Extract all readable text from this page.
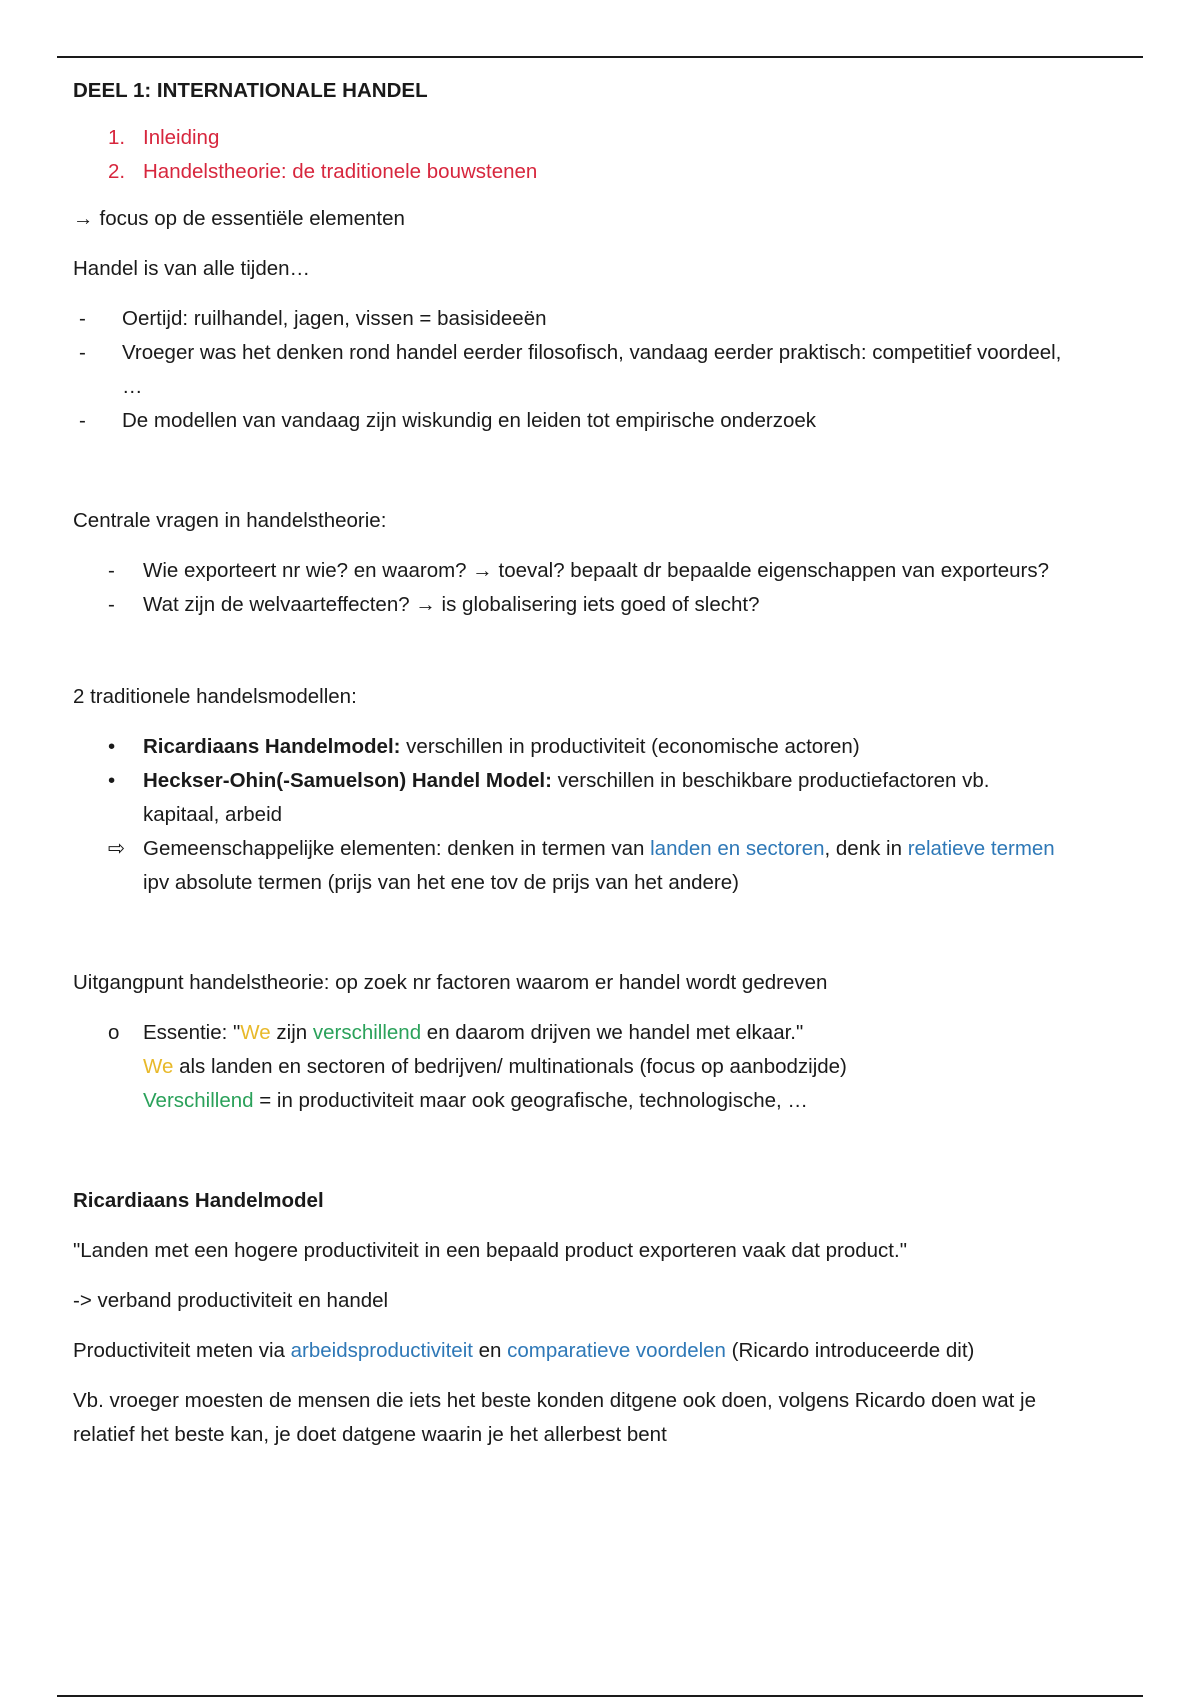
DEEL 1: INTERNATIONALE HANDEL

1. Inleiding
2. Handelstheorie: de traditionele bouwstenen

→ focus op de essentiële elementen

Handel is van alle tijden…

-	Oertijd: ruilhandel, jagen, vissen = basisideeën
-	Vroeger was het denken rond handel eerder filosofisch, vandaag eerder praktisch: competitief voordeel, …
-	De modellen van vandaag zijn wiskundig en leiden tot empirische onderzoek

Centrale vragen in handelstheorie:

-	Wie exporteert nr wie? en waarom? → toeval? bepaalt dr bepaalde eigenschappen van exporteurs?
-	Wat zijn de welvaarteffecten? → is globalisering iets goed of slecht?

2 traditionele handelsmodellen:

•	Ricardiaans Handelmodel: verschillen in productiviteit (economische actoren)
•	Heckser-Ohin(-Samuelson) Handel Model: verschillen in beschikbare productiefactoren vb. kapitaal, arbeid
⇨ Gemeenschappelijke elementen: denken in termen van landen en sectoren, denk in relatieve termen ipv absolute termen (prijs van het ene tov de prijs van het andere)

Uitgangpunt handelstheorie: op zoek nr factoren waarom er handel wordt gedreven

o	Essentie: "We zijn verschillend en daarom drijven we handel met elkaar."
We als landen en sectoren of bedrijven/ multinationals (focus op aanbodzijde)
Verschillend = in productiviteit maar ook geografische, technologische, …

Ricardiaans Handelmodel

"Landen met een hogere productiviteit in een bepaald product exporteren vaak dat product."

-> verband productiviteit en handel

Productiviteit meten via arbeidsproductiviteit en comparatieve voordelen (Ricardo introduceerde dit)

Vb. vroeger moesten de mensen die iets het beste konden ditgene ook doen, volgens Ricardo doen wat je relatief het beste kan, je doet datgene waarin je het allerbest bent
